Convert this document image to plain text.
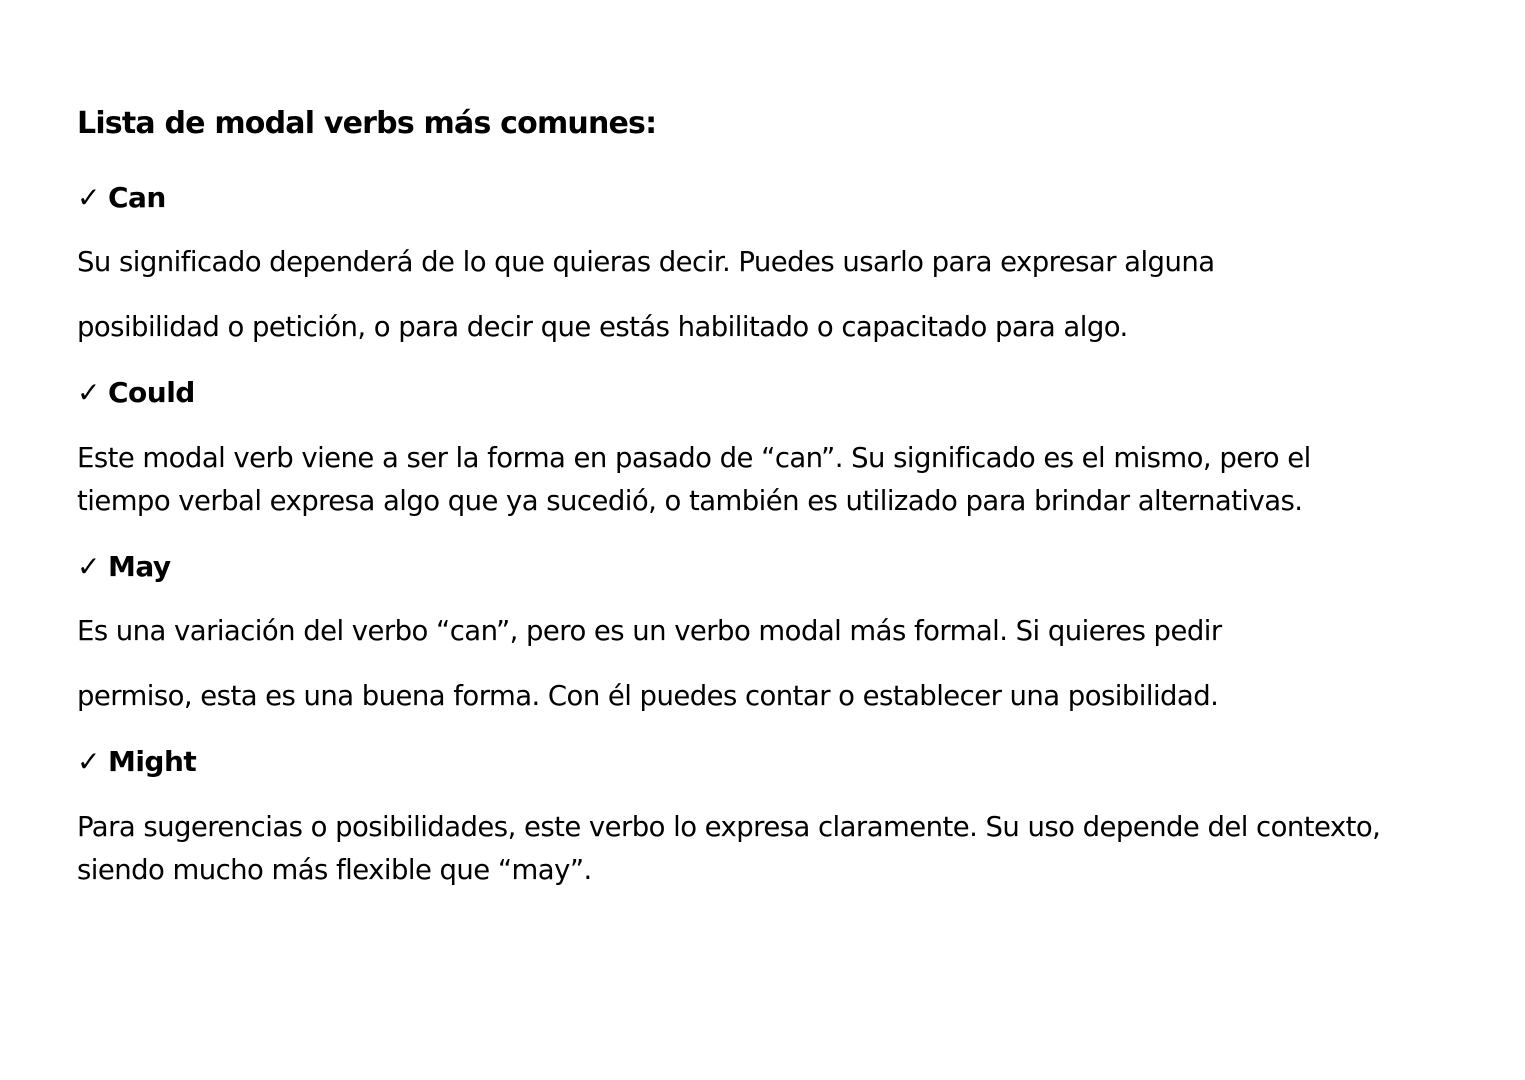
Lista de modal verbs más comunes:
✓ Can
Su significado dependerá de lo que quieras decir. Puedes usarlo para expresar alguna
posibilidad o petición, o para decir que estás habilitado o capacitado para algo.
✓ Could
Este modal verb viene a ser la forma en pasado de “can”. Su significado es el mismo, pero el
tiempo verbal expresa algo que ya sucedió, o también es utilizado para brindar alternativas.
✓ May
Es una variación del verbo “can”, pero es un verbo modal más formal. Si quieres pedir
permiso, esta es una buena forma. Con él puedes contar o establecer una posibilidad.
✓ Might
Para sugerencias o posibilidades, este verbo lo expresa claramente. Su uso depende del contexto,
siendo mucho más flexible que “may”.
